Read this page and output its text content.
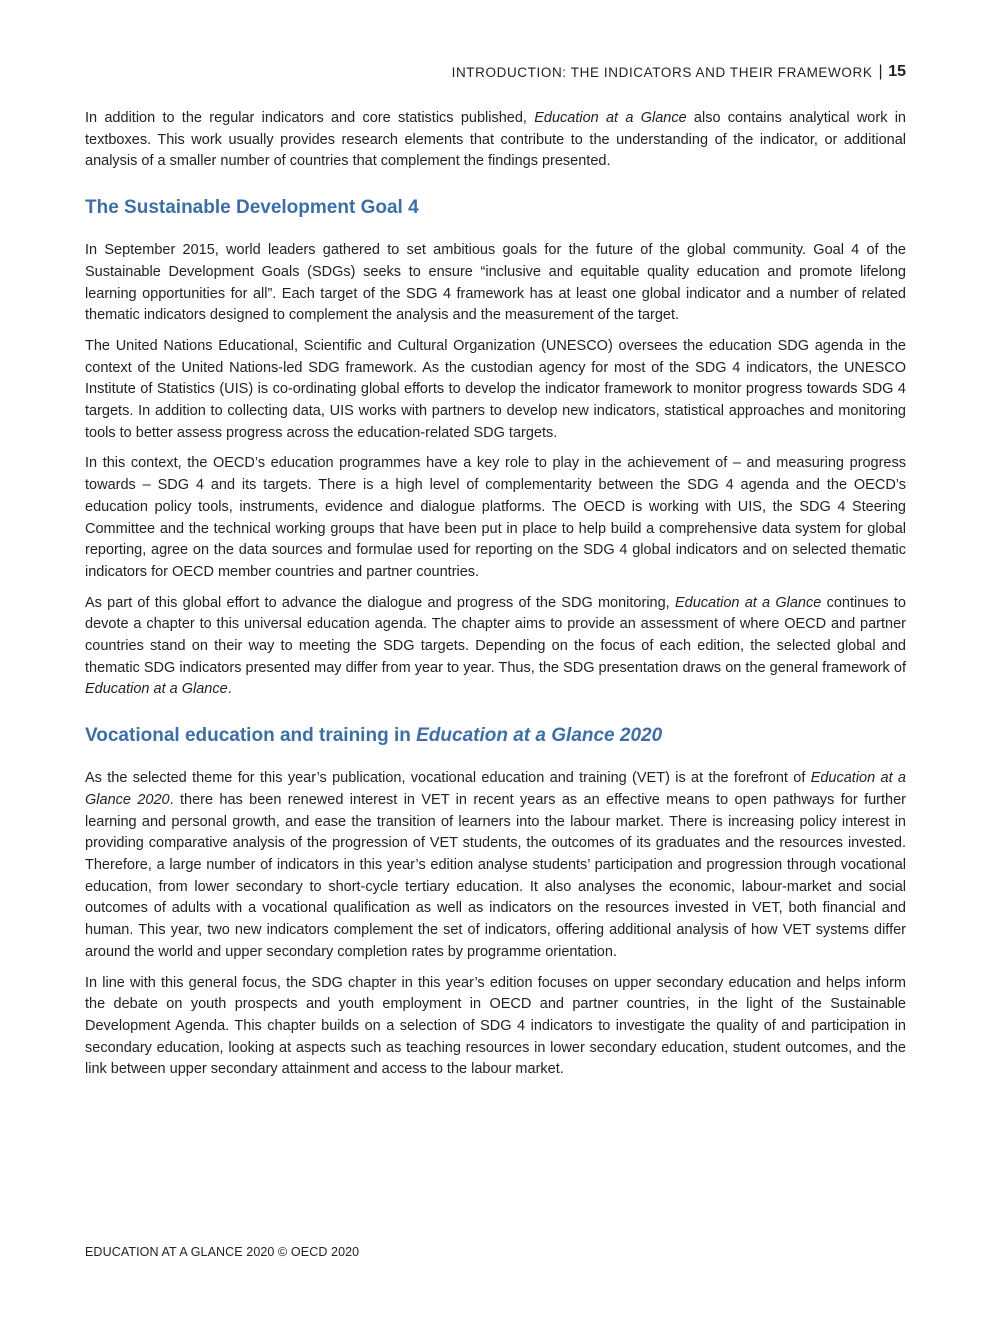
INTRODUCTION: THE INDICATORS AND THEIR FRAMEWORK | 15

In addition to the regular indicators and core statistics published, Education at a Glance also contains analytical work in textboxes. This work usually provides research elements that contribute to the understanding of the indicator, or additional analysis of a smaller number of countries that complement the findings presented.

The Sustainable Development Goal 4

In September 2015, world leaders gathered to set ambitious goals for the future of the global community. Goal 4 of the Sustainable Development Goals (SDGs) seeks to ensure “inclusive and equitable quality education and promote lifelong learning opportunities for all”. Each target of the SDG 4 framework has at least one global indicator and a number of related thematic indicators designed to complement the analysis and the measurement of the target.

The United Nations Educational, Scientific and Cultural Organization (UNESCO) oversees the education SDG agenda in the context of the United Nations-led SDG framework. As the custodian agency for most of the SDG 4 indicators, the UNESCO Institute of Statistics (UIS) is co-ordinating global efforts to develop the indicator framework to monitor progress towards SDG 4 targets. In addition to collecting data, UIS works with partners to develop new indicators, statistical approaches and monitoring tools to better assess progress across the education-related SDG targets.

In this context, the OECD’s education programmes have a key role to play in the achievement of – and measuring progress towards – SDG 4 and its targets. There is a high level of complementarity between the SDG 4 agenda and the OECD’s education policy tools, instruments, evidence and dialogue platforms. The OECD is working with UIS, the SDG 4 Steering Committee and the technical working groups that have been put in place to help build a comprehensive data system for global reporting, agree on the data sources and formulae used for reporting on the SDG 4 global indicators and on selected thematic indicators for OECD member countries and partner countries.

As part of this global effort to advance the dialogue and progress of the SDG monitoring, Education at a Glance continues to devote a chapter to this universal education agenda. The chapter aims to provide an assessment of where OECD and partner countries stand on their way to meeting the SDG targets. Depending on the focus of each edition, the selected global and thematic SDG indicators presented may differ from year to year. Thus, the SDG presentation draws on the general framework of Education at a Glance.

Vocational education and training in Education at a Glance 2020

As the selected theme for this year’s publication, vocational education and training (VET) is at the forefront of Education at a Glance 2020. there has been renewed interest in VET in recent years as an effective means to open pathways for further learning and personal growth, and ease the transition of learners into the labour market. There is increasing policy interest in providing comparative analysis of the progression of VET students, the outcomes of its graduates and the resources invested. Therefore, a large number of indicators in this year’s edition analyse students’ participation and progression through vocational education, from lower secondary to short-cycle tertiary education. It also analyses the economic, labour-market and social outcomes of adults with a vocational qualification as well as indicators on the resources invested in VET, both financial and human. This year, two new indicators complement the set of indicators, offering additional analysis of how VET systems differ around the world and upper secondary completion rates by programme orientation.

In line with this general focus, the SDG chapter in this year’s edition focuses on upper secondary education and helps inform the debate on youth prospects and youth employment in OECD and partner countries, in the light of the Sustainable Development Agenda. This chapter builds on a selection of SDG 4 indicators to investigate the quality of and participation in secondary education, looking at aspects such as teaching resources in lower secondary education, student outcomes, and the link between upper secondary attainment and access to the labour market.

EDUCATION AT A GLANCE 2020 © OECD 2020
